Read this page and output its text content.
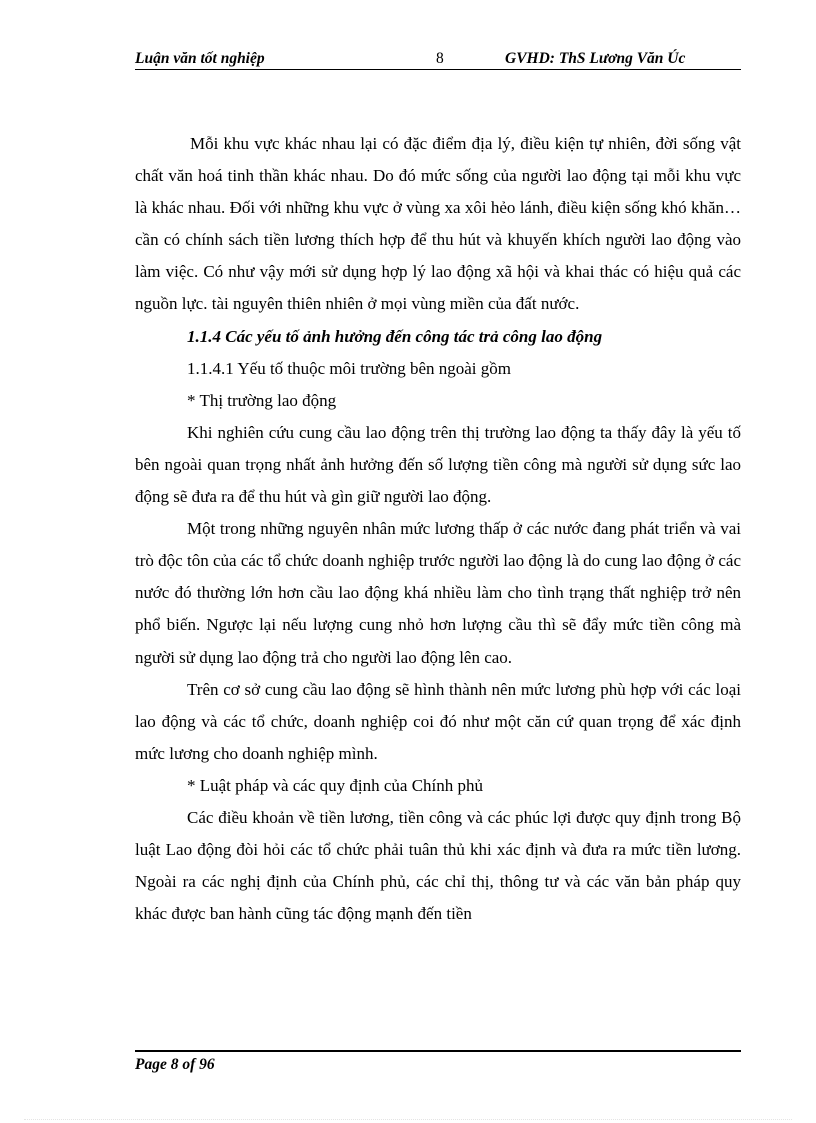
Luận văn tốt nghiệp	8	GVHD: ThS Lương Văn Úc

Mỗi khu vực khác nhau lại có đặc điểm địa lý, điều kiện tự nhiên, đời sống vật chất văn hoá tinh thần khác nhau. Do đó mức sống của người lao động tại mỗi khu vực là khác nhau. Đối với những khu vực ở vùng xa xôi hẻo lánh, điều kiện sống khó khăn… cần có chính sách tiền lương thích hợp để thu hút và khuyến khích người lao động vào làm việc. Có như vậy mới sử dụng hợp lý lao động xã hội và khai thác có hiệu quả các nguồn lực. tài nguyên thiên nhiên ở mọi vùng miền của đất nước.

1.1.4 Các yếu tố ảnh hưởng đến công tác trả công lao động

1.1.4.1 Yếu tố thuộc môi trường bên ngoài gồm

* Thị trường lao động

Khi nghiên cứu cung cầu lao động trên thị trường lao động ta thấy đây là yếu tố bên ngoài quan trọng nhất ảnh hưởng đến số lượng tiền công mà người sử dụng sức lao động sẽ đưa ra để thu hút và gìn giữ người lao động.

Một trong những nguyên nhân mức lương thấp ở các nước đang phát triển và vai trò độc tôn của các tổ chức doanh nghiệp trước người lao động là do cung lao động ở các nước đó thường lớn hơn cầu lao động khá nhiều làm cho tình trạng thất nghiệp trở nên phổ biến. Ngược lại nếu lượng cung nhỏ hơn lượng cầu thì sẽ đẩy mức tiền công mà người sử dụng lao động trả cho người lao động lên cao.

Trên cơ sở cung cầu lao động sẽ hình thành nên mức lương phù hợp với các loại lao động và các tổ chức, doanh nghiệp coi đó như một căn cứ quan trọng để xác định mức lương cho doanh nghiệp mình.

* Luật pháp và các quy định của Chính phủ

Các điều khoản về tiền lương, tiền công và các phúc lợi được quy định trong Bộ luật Lao động đòi hỏi các tổ chức phải tuân thủ khi xác định và đưa ra mức tiền lương. Ngoài ra các nghị định của Chính phủ, các chỉ thị, thông tư và các văn bản pháp quy khác được ban hành cũng tác động mạnh đến tiền

Page 8 of 96
